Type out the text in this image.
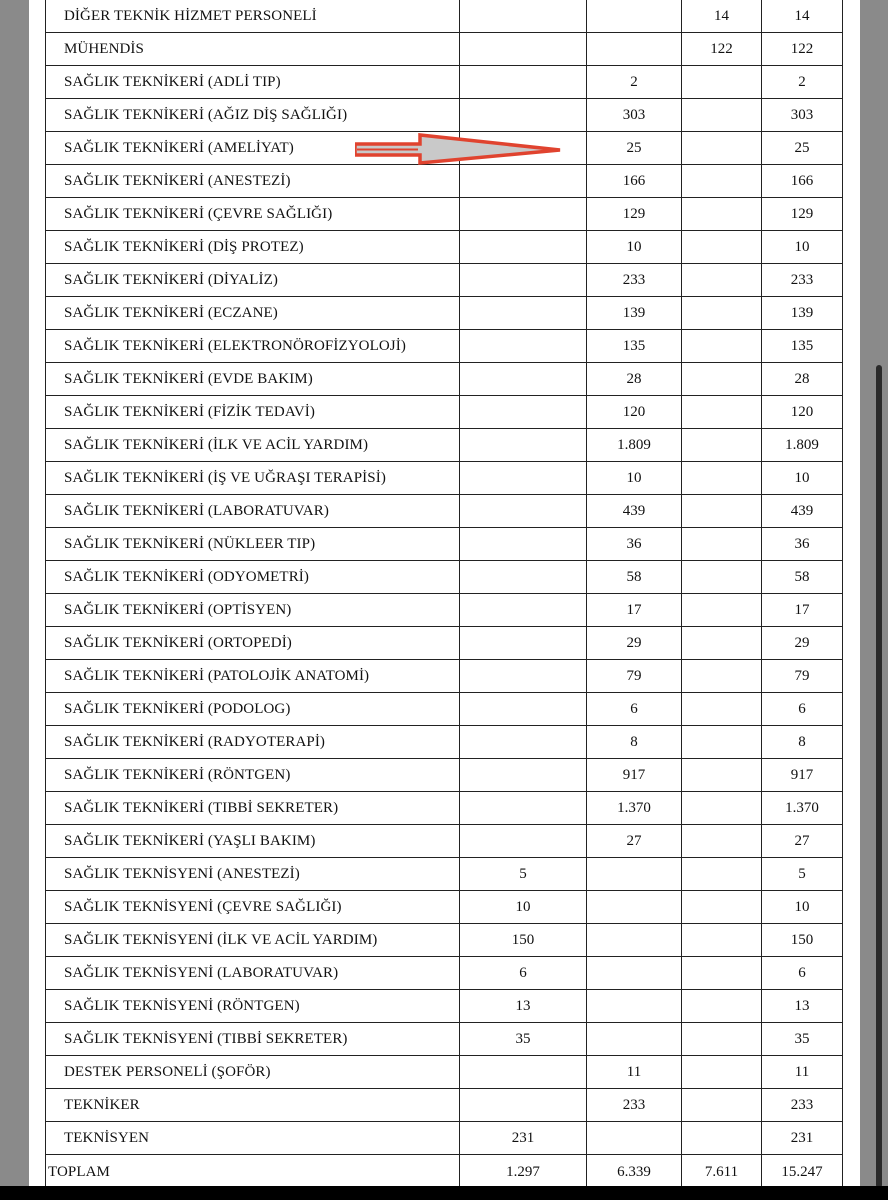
DİĞER TEKNİK HİZMET PERSONELİ			14	14
MÜHENDİS			122	122
SAĞLIK TEKNİKERİ (ADLİ TIP)		2		2
SAĞLIK TEKNİKERİ (AĞIZ DİŞ SAĞLIĞI)		303		303
SAĞLIK TEKNİKERİ (AMELİYAT)		25		25
SAĞLIK TEKNİKERİ (ANESTEZİ)		166		166
SAĞLIK TEKNİKERİ (ÇEVRE SAĞLIĞI)		129		129
SAĞLIK TEKNİKERİ (DİŞ PROTEZ)		10		10
SAĞLIK TEKNİKERİ (DİYALİZ)		233		233
SAĞLIK TEKNİKERİ (ECZANE)		139		139
SAĞLIK TEKNİKERİ (ELEKTRONÖROFİZYOLOJİ)		135		135
SAĞLIK TEKNİKERİ (EVDE BAKIM)		28		28
SAĞLIK TEKNİKERİ (FİZİK TEDAVİ)		120		120
SAĞLIK TEKNİKERİ (İLK VE ACİL YARDIM)		1.809		1.809
SAĞLIK TEKNİKERİ (İŞ VE UĞRAŞI TERAPİSİ)		10		10
SAĞLIK TEKNİKERİ (LABORATUVAR)		439		439
SAĞLIK TEKNİKERİ (NÜKLEER TIP)		36		36
SAĞLIK TEKNİKERİ (ODYOMETRİ)		58		58
SAĞLIK TEKNİKERİ (OPTİSYEN)		17		17
SAĞLIK TEKNİKERİ (ORTOPEDİ)		29		29
SAĞLIK TEKNİKERİ (PATOLOJİK ANATOMİ)		79		79
SAĞLIK TEKNİKERİ (PODOLOG)		6		6
SAĞLIK TEKNİKERİ (RADYOTERAPİ)		8		8
SAĞLIK TEKNİKERİ (RÖNTGEN)		917		917
SAĞLIK TEKNİKERİ (TIBBİ SEKRETER)		1.370		1.370
SAĞLIK TEKNİKERİ (YAŞLI BAKIM)		27		27
SAĞLIK TEKNİSYENİ (ANESTEZİ)	5			5
SAĞLIK TEKNİSYENİ (ÇEVRE SAĞLIĞI)	10			10
SAĞLIK TEKNİSYENİ (İLK VE ACİL YARDIM)	150			150
SAĞLIK TEKNİSYENİ (LABORATUVAR)	6			6
SAĞLIK TEKNİSYENİ (RÖNTGEN)	13			13
SAĞLIK TEKNİSYENİ (TIBBİ SEKRETER)	35			35
DESTEK PERSONELİ (ŞOFÖR)		11		11
TEKNİKER		233		233
TEKNİSYEN	231			231
TOPLAM	1.297	6.339	7.611	15.247
